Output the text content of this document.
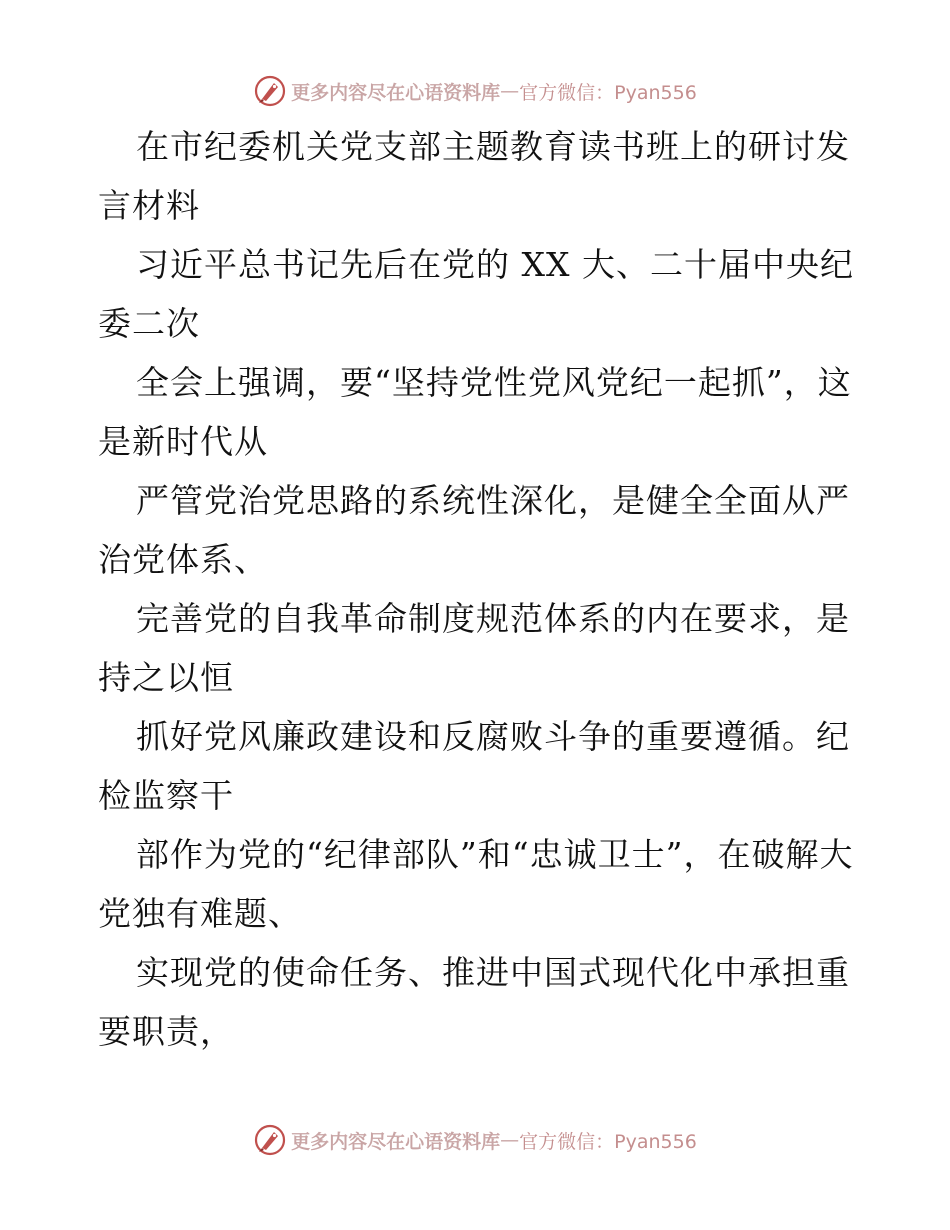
更多内容尽在心语资料库 — 官方微信：Pyan556

在市纪委机关党支部主题教育读书班上的研讨发言材料

习近平总书记先后在党的 XX 大、二十届中央纪委二次

全会上强调，要“坚持党性党风党纪一起抓”，这是新时代从

严管党治党思路的系统性深化，是健全全面从严治党体系、

完善党的自我革命制度规范体系的内在要求，是持之以恒

抓好党风廉政建设和反腐败斗争的重要遵循。纪检监察干

部作为党的“纪律部队”和“忠诚卫士”，在破解大党独有难题、

实现党的使命任务、推进中国式现代化中承担重要职责，

更多内容尽在心语资料库 — 官方微信：Pyan556
